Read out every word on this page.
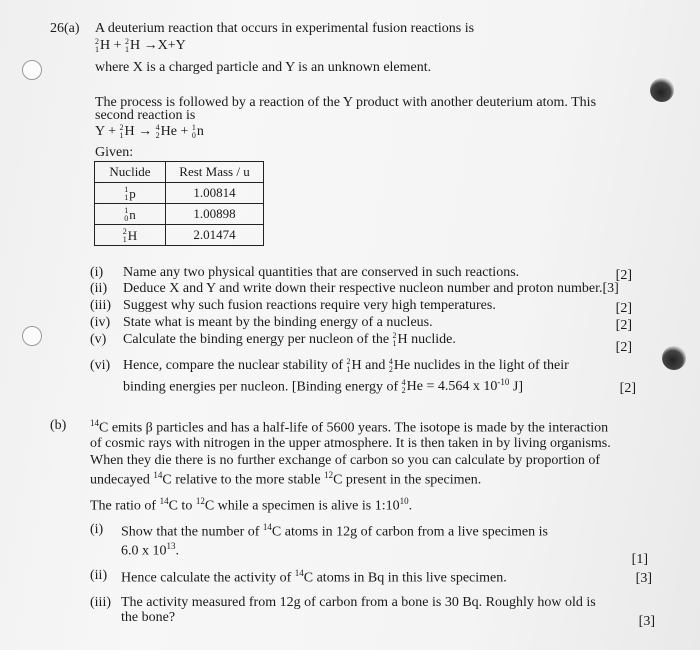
26(a) A deuterium reaction that occurs in experimental fusion reactions is
2
1 H + 2
1 H →X+Y
where X is a charged particle and Y is an unknown element.
The process is followed by a reaction of the Y product with another deuterium atom. This
second reaction is
Y + 2
1 H → 4
2 He + 1
0 n
Given:
Nuclide	Rest Mass / u

1
1 p	1.00814

1
0 n	1.00898

2
1 H	2.01474
(i) Name any two physical quantities that are conserved in such reactions.	[2]
(ii) Deduce X and Y and write down their respective nucleon number and proton number.[3]
(iii) Suggest why such fusion reactions require very high temperatures.	[2]
(iv) State what is meant by the binding energy of a nucleus.	[2]
(v) Calculate the binding energy per nucleon of the 2
1 H nuclide.
[2]
(vi) Hence, compare the nuclear stability of 2
1 H and 4
2 He nuclides in the light of their
binding energies per nucleon. [Binding energy of 4
2 He = 4.564 x 10 $^{-10}$ J]	[2]
(b)	$^{14}$C emits β particles and has a half-life of 5600 years. The isotope is made by the interaction
of cosmic rays with nitrogen in the upper atmosphere. It is then taken in by living organisms.
When they die there is no further exchange of carbon so you can calculate by proportion of
undecayed $^{14}$C relative to the more stable $^{12}$C present in the specimen.
The ratio of $^{14}$C to $^{12}$C while a specimen is alive is $1:10^{10}$.
(i) Show that the number of $^{14}$C atoms in 12g of carbon from a live specimen is
6.0 x $10^{13}$.
[1]
(ii) Hence calculate the activity of $^{14}$C atoms in Bq in this live specimen.	[3]
(iii) The activity measured from 12g of carbon from a bone is 30 Bq. Roughly how old is
the bone?	[3]
